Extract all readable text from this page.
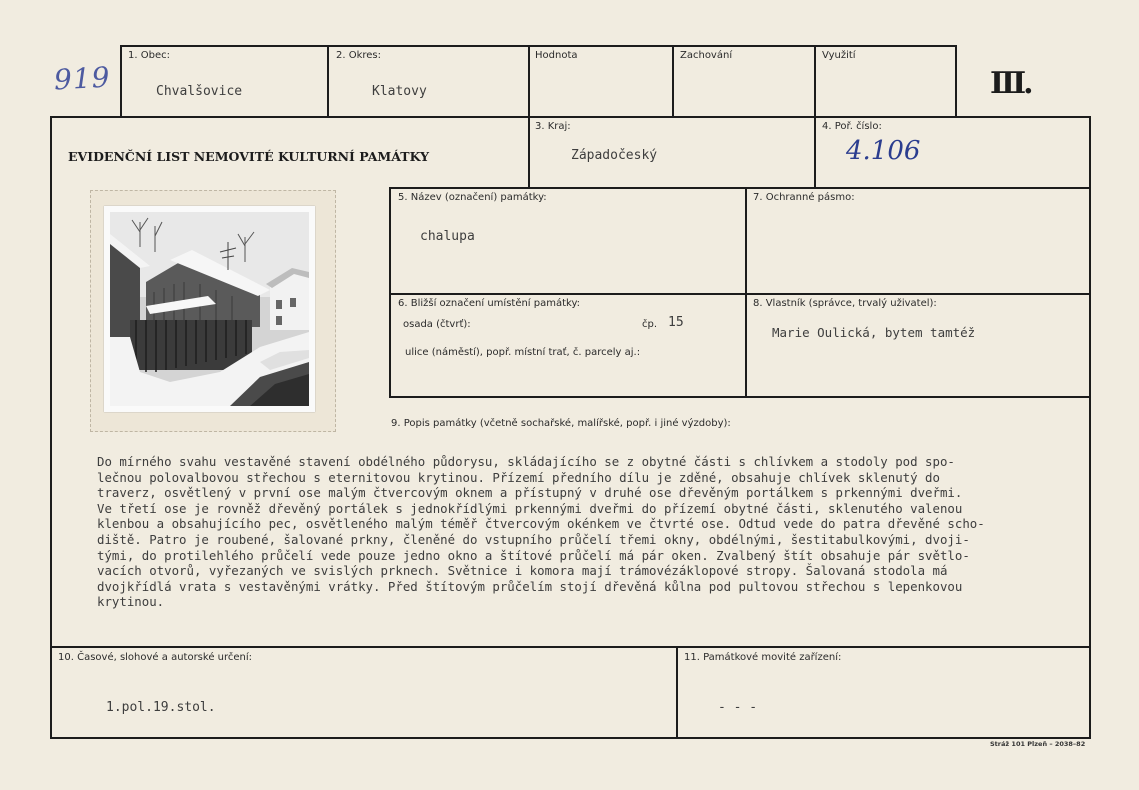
919
1. Obec:
Chvalšovice
2. Okres:
Klatovy
Hodnota	Zachování	Využití
III.
EVIDENČNÍ LIST NEMOVITÉ KULTURNÍ PAMÁTKY
3. Kraj:
Západočeský
4. Poř. číslo:
4.106
5. Název (označení) památky:
chalupa
7. Ochranné pásmo:
6. Bližší označení umístění památky:
osada (čtvrť):	čp. 15
ulice (náměstí), popř. místní trať, č. parcely aj.:
8. Vlastník (správce, trvalý uživatel):
Marie Oulická, bytem tamtéž
9. Popis památky (včetně sochařské, malířské, popř. i jiné výzdoby):
Do mírného svahu vestavěné stavení obdélného půdorysu, skládajícího se z obytné části s chlívkem a stodoly pod spo-
lečnou polovalbovou střechou s eternitovou krytinou. Přízemí předního dílu je zděné, obsahuje chlívek sklenutý do
traverz, osvětlený v první ose malým čtvercovým oknem a přístupný v druhé ose dřevěným portálkem s prkennými dveřmi.
Ve třetí ose je rovněž dřevěný portálek s jednokřídlými prkennými dveřmi do přízemí obytné části, sklenutého valenou
klenbou a obsahujícího pec, osvětleného malým téměř čtvercovým okénkem ve čtvrté ose. Odtud vede do patra dřevěné scho-
diště. Patro je roubené, šalované prkny, členěné do vstupního průčelí třemi okny, obdélnými, šestitabulkovými, dvoji-
tými, do protilehlého průčelí vede pouze jedno okno a štítové průčelí má pár oken. Zvalbený štít obsahuje pár světlo-
vacích otvorů, vyřezaných ve svislých prknech. Světnice i komora mají trámovézáklopové stropy. Šalovaná stodola má
dvojkřídlá vrata s vestavěnými vrátky. Před štítovým průčelím stojí dřevěná kůlna pod pultovou střechou s lepenkovou
krytinou.
10. Časové, slohové a autorské určení:
1.pol.19.stol.
11. Památkové movité zařízení:
- - -
Stráž 101 Plzeň – 2038–82
